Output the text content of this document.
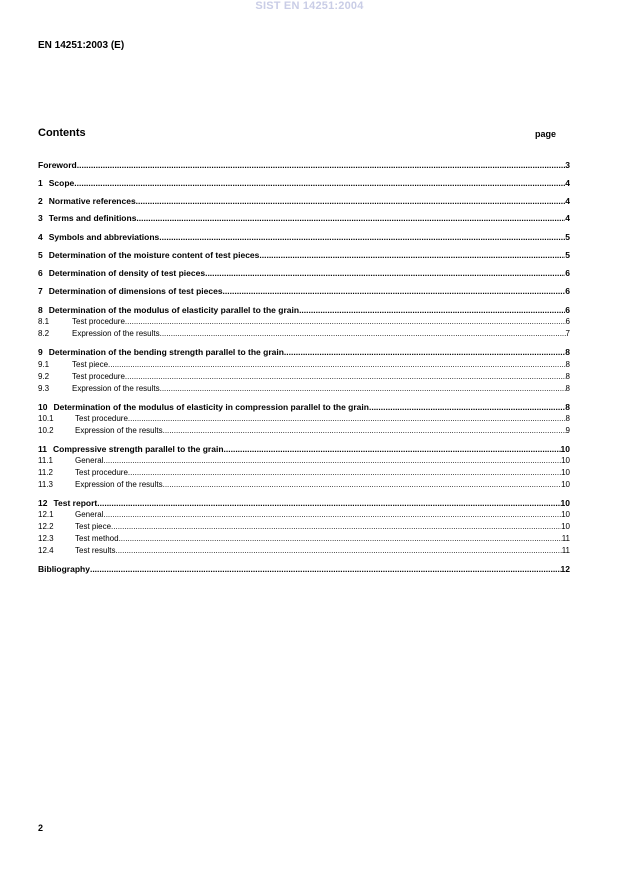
SIST EN 14251:2004
EN 14251:2003 (E)
Contents	page
Foreword .....	3
1 Scope .....	4
2 Normative references .....	4
3 Terms and definitions .....	4
4 Symbols and abbreviations .....	5
5 Determination of the moisture content of test pieces .....	5
6 Determination of density of test pieces .....	6
7 Determination of dimensions of test pieces .....	6
8 Determination of the modulus of elasticity parallel to the grain .....	6
8.1	Test procedure .....	6
8.2	Expression of the results .....	7
9 Determination of the bending strength parallel to the grain .....	8
9.1	Test piece .....	8
9.2	Test procedure .....	8
9.3	Expression of the results .....	8
10 Determination of the modulus of elasticity in compression parallel to the grain .....	8
10.1	Test procedure .....	8
10.2	Expression of the results .....	9
11 Compressive strength parallel to the grain .....	10
11.1	General .....	10
11.2	Test procedure .....	10
11.3	Expression of the results .....	10
12 Test report .....	10
12.1	General .....	10
12.2	Test piece .....	10
12.3	Test method .....	11
12.4	Test results .....	11
Bibliography .....	12
2
